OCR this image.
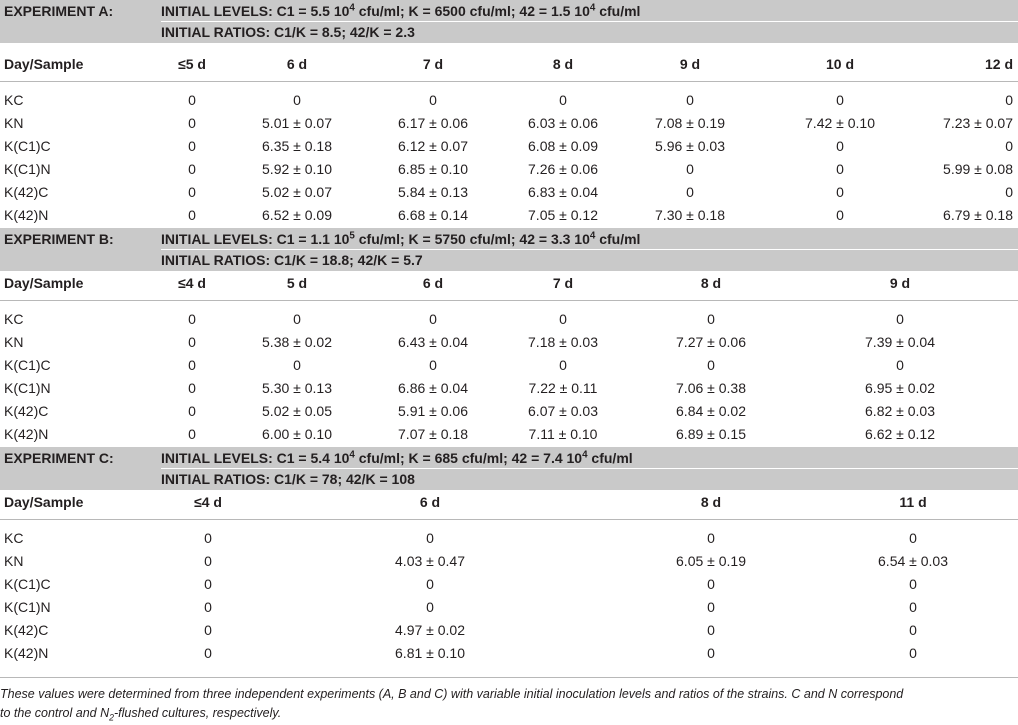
EXPERIMENT A:	INITIAL LEVELS: C1 = 5.5 $10^4$ cfu/ml; K = 6500 cfu/ml; 42 = 1.5 $10^4$ cfu/ml
INITIAL RATIOS: C1/K = 8.5; 42/K = 2.3
Day/Sample	≤5 d	6 d	7 d	8 d	9 d	10 d	12 d
KC	0	0	0	0	0	0	0
KN	0	5.01 ± 0.07	6.17 ± 0.06	6.03 ± 0.06	7.08 ± 0.19	7.42 ± 0.10	7.23 ± 0.07
K(C1)C	0	6.35 ± 0.18	6.12 ± 0.07	6.08 ± 0.09	5.96 ± 0.03	0	0
K(C1)N	0	5.92 ± 0.10	6.85 ± 0.10	7.26 ± 0.06	0	0	5.99 ± 0.08
K(42)C	0	5.02 ± 0.07	5.84 ± 0.13	6.83 ± 0.04	0	0	0
K(42)N	0	6.52 ± 0.09	6.68 ± 0.14	7.05 ± 0.12	7.30 ± 0.18	0	6.79 ± 0.18
EXPERIMENT B:	INITIAL LEVELS: C1 = 1.1 $10^5$ cfu/ml; K = 5750 cfu/ml; 42 = 3.3 $10^4$ cfu/ml
INITIAL RATIOS: C1/K = 18.8; 42/K = 5.7
Day/Sample	≤4 d	5 d	6 d	7 d	8 d	9 d
KC	0	0	0	0	0	0
KN	0	5.38 ± 0.02	6.43 ± 0.04	7.18 ± 0.03	7.27 ± 0.06	7.39 ± 0.04
K(C1)C	0	0	0	0	0	0
K(C1)N	0	5.30 ± 0.13	6.86 ± 0.04	7.22 ± 0.11	7.06 ± 0.38	6.95 ± 0.02
K(42)C	0	5.02 ± 0.05	5.91 ± 0.06	6.07 ± 0.03	6.84 ± 0.02	6.82 ± 0.03
K(42)N	0	6.00 ± 0.10	7.07 ± 0.18	7.11 ± 0.10	6.89 ± 0.15	6.62 ± 0.12
EXPERIMENT C:	INITIAL LEVELS: C1 = 5.4 $10^4$ cfu/ml; K = 685 cfu/ml; 42 = 7.4 $10^4$ cfu/ml
INITIAL RATIOS: C1/K = 78; 42/K = 108
Day/Sample	≤4 d	6 d	8 d	11 d
KC	0	0	0	0
KN	0	4.03 ± 0.47	6.05 ± 0.19	6.54 ± 0.03
K(C1)C	0	0	0	0
K(C1)N	0	0	0	0
K(42)C	0	4.97 ± 0.02	0	0
K(42)N	0	6.81 ± 0.10	0	0
These values were determined from three independent experiments (A, B and C) with variable initial inoculation levels and ratios of the strains. C and N correspond
to the control and $N_2$-flushed cultures, respectively.
